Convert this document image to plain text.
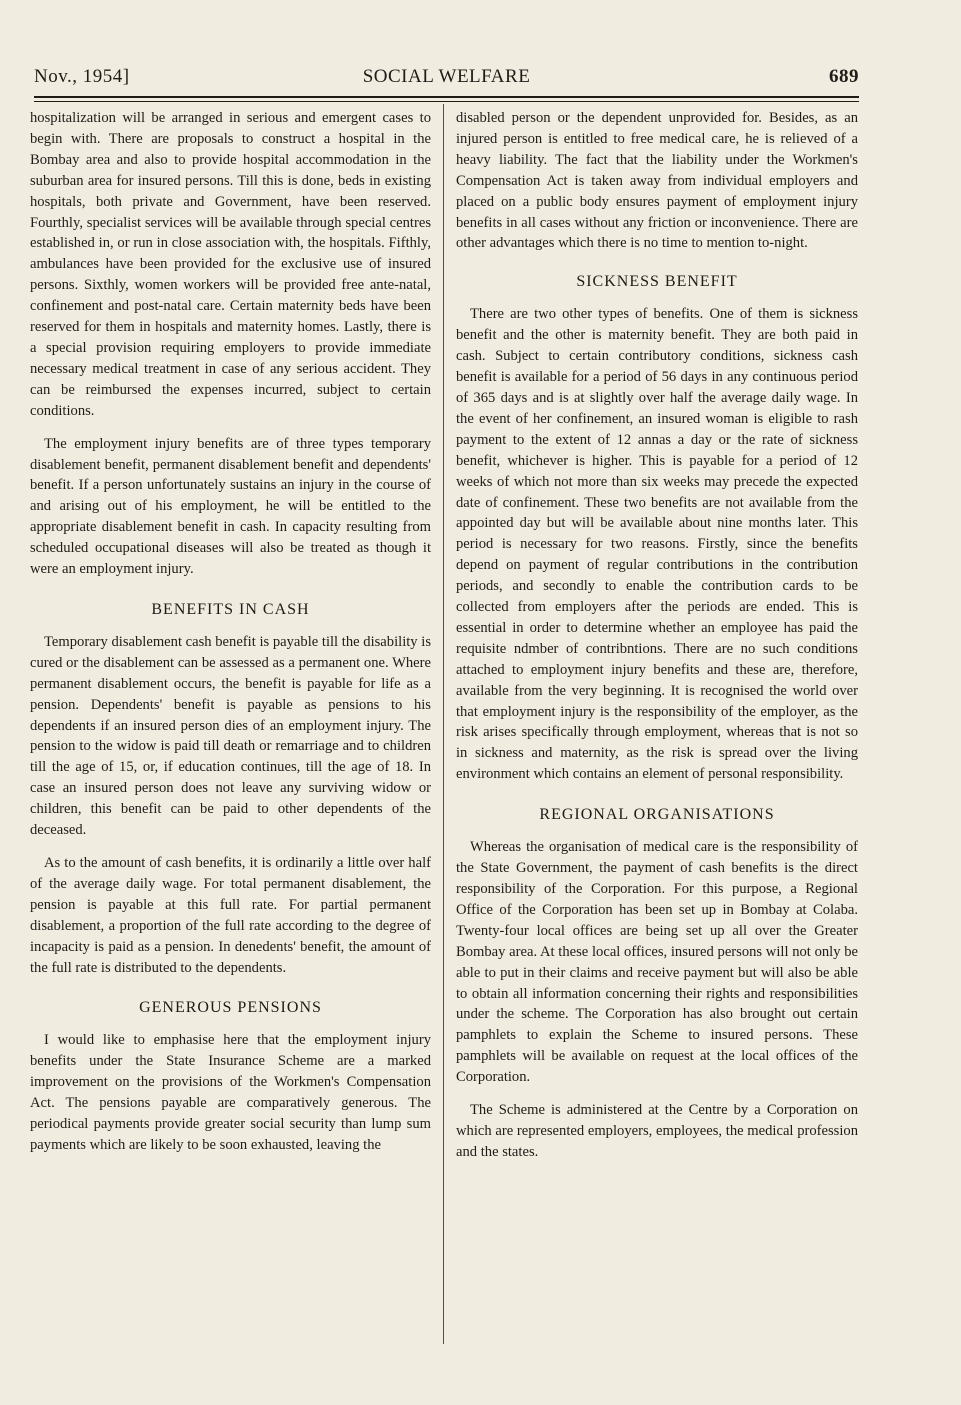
Nov., 1954]	SOCIAL WELFARE	689

hospitalization will be arranged in serious and emergent cases to begin with. There are proposals to construct a hospital in the Bombay area and also to provide hospital accommodation in the suburban area for insured persons. Till this is done, beds in existing hospitals, both private and Government, have been reserved. Fourthly, specialist services will be available through special centres established in, or run in close association with, the hospitals. Fifthly, ambulances have been provided for the exclusive use of insured persons. Sixthly, women workers will be provided free ante-natal, confinement and post-natal care. Certain maternity beds have been reserved for them in hospitals and maternity homes. Lastly, there is a special provision requiring employers to provide immediate necessary medical treatment in case of any serious accident. They can be reimbursed the expenses incurred, subject to certain conditions.

The employment injury benefits are of three types temporary disablement benefit, permanent disablement benefit and dependents' benefit. If a person unfortunately sustains an injury in the course of and arising out of his employment, he will be entitled to the appropriate disablement benefit in cash. In capacity resulting from scheduled occupational diseases will also be treated as though it were an employment injury.

BENEFITS IN CASH

Temporary disablement cash benefit is payable till the disability is cured or the disablement can be assessed as a permanent one. Where permanent disablement occurs, the benefit is payable for life as a pension. Dependents' benefit is payable as pensions to his dependents if an insured person dies of an employment injury. The pension to the widow is paid till death or remarriage and to children till the age of 15, or, if education continues, till the age of 18. In case an insured person does not leave any surviving widow or children, this benefit can be paid to other dependents of the deceased.

As to the amount of cash benefits, it is ordinarily a little over half of the average daily wage. For total permanent disablement, the pension is payable at this full rate. For partial permanent disablement, a proportion of the full rate according to the degree of incapacity is paid as a pension. In denedents' benefit, the amount of the full rate is distributed to the dependents.

GENEROUS PENSIONS

I would like to emphasise here that the employment injury benefits under the State Insurance Scheme are a marked improvement on the provisions of the Workmen's Compensation Act. The pensions payable are comparatively generous. The periodical payments provide greater social security than lump sum payments which are likely to be soon exhausted, leaving the

disabled person or the dependent unprovided for. Besides, as an injured person is entitled to free medical care, he is relieved of a heavy liability. The fact that the liability under the Workmen's Compensation Act is taken away from individual employers and placed on a public body ensures payment of employment injury benefits in all cases without any friction or inconvenience. There are other advantages which there is no time to mention to-night.

SICKNESS BENEFIT

There are two other types of benefits. One of them is sickness benefit and the other is maternity benefit. They are both paid in cash. Subject to certain contributory conditions, sickness cash benefit is available for a period of 56 days in any continuous period of 365 days and is at slightly over half the average daily wage. In the event of her confinement, an insured woman is eligible to rash payment to the extent of 12 annas a day or the rate of sickness benefit, whichever is higher. This is payable for a period of 12 weeks of which not more than six weeks may precede the expected date of confinement. These two benefits are not available from the appointed day but will be available about nine months later. This period is necessary for two reasons. Firstly, since the benefits depend on payment of regular contributions in the contribution periods, and secondly to enable the contribution cards to be collected from employers after the periods are ended. This is essential in order to determine whether an employee has paid the requisite ndmber of contribntions. There are no such conditions attached to employment injury benefits and these are, therefore, available from the very beginning. It is recognised the world over that employment injury is the responsibility of the employer, as the risk arises specifically through employment, whereas that is not so in sickness and maternity, as the risk is spread over the living environment which contains an element of personal responsibility.

REGIONAL ORGANISATIONS

Whereas the organisation of medical care is the responsibility of the State Government, the payment of cash benefits is the direct responsibility of the Corporation. For this purpose, a Regional Office of the Corporation has been set up in Bombay at Colaba. Twenty-four local offices are being set up all over the Greater Bombay area. At these local offices, insured persons will not only be able to put in their claims and receive payment but will also be able to obtain all information concerning their rights and responsibilities under the scheme. The Corporation has also brought out certain pamphlets to explain the Scheme to insured persons. These pamphlets will be available on request at the local offices of the Corporation.

The Scheme is administered at the Centre by a Corporation on which are represented employers, employees, the medical profession and the states.
